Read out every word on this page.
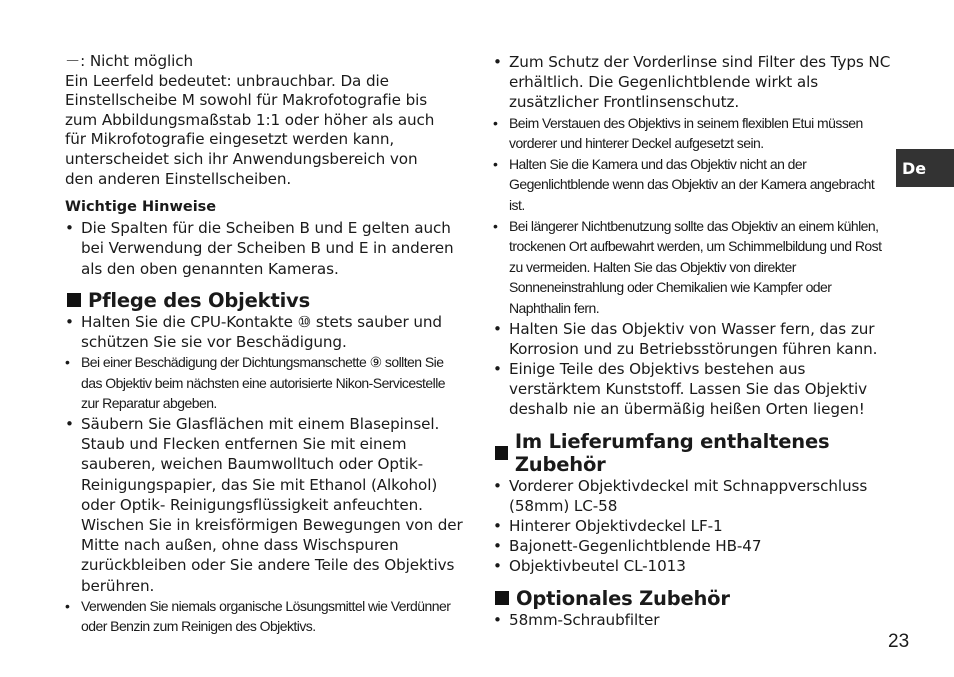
－: Nicht möglich

Ein Leerfeld bedeutet: unbrauchbar. Da die

Einstellscheibe M sowohl für Makrofotografie bis

zum Abbildungsmaßstab 1:1 oder höher als auch

für Mikrofotografie eingesetzt werden kann,

unterscheidet sich ihr Anwendungsbereich von

den anderen Einstellscheiben.

Wichtige Hinweise
• Die Spalten für die Scheiben B und E gelten auch bei Verwendung der Scheiben B und E in anderen als den oben genannten Kameras.
Pflege des Objektivs
• Halten Sie die CPU-Kontakte ⑩ stets sauber und schützen Sie sie vor Beschädigung.
• Bei einer Beschädigung der Dichtungsmanschette ⑨ sollten Sie das Objektiv beim nächsten eine autorisierte Nikon-Servicestelle zur Reparatur abgeben.
• Säubern Sie Glasflächen mit einem Blasepinsel. Staub und Flecken entfernen Sie mit einem sauberen, weichen Baumwolltuch oder Optik-Reinigungspapier, das Sie mit Ethanol (Alkohol) oder Optik- Reinigungsflüssigkeit anfeuchten. Wischen Sie in kreisförmigen Bewegungen von der Mitte nach außen, ohne dass Wischspuren zurückbleiben oder Sie andere Teile des Objektivs berühren.
• Verwenden Sie niemals organische Lösungsmittel wie Verdünner oder Benzin zum Reinigen des Objektivs.
• Zum Schutz der Vorderlinse sind Filter des Typs NC erhältlich. Die Gegenlichtblende wirkt als zusätzlicher Frontlinsenschutz.
• Beim Verstauen des Objektivs in seinem flexiblen Etui müssen vorderer und hinterer Deckel aufgesetzt sein.
• Halten Sie die Kamera und das Objektiv nicht an der Gegenlichtblende wenn das Objektiv an der Kamera angebracht ist.
• Bei längerer Nichtbenutzung sollte das Objektiv an einem kühlen, trockenen Ort aufbewahrt werden, um Schimmelbildung und Rost zu vermeiden. Halten Sie das Objektiv von direkter Sonneneinstrahlung oder Chemikalien wie Kampfer oder Naphthalin fern.
• Halten Sie das Objektiv von Wasser fern, das zur Korrosion und zu Betriebsstörungen führen kann.
• Einige Teile des Objektivs bestehen aus verstärktem Kunststoff. Lassen Sie das Objektiv deshalb nie an übermäßig heißen Orten liegen!
Im Lieferumfang enthaltenes Zubehör
• Vorderer Objektivdeckel mit Schnappverschluss (58mm) LC-58
• Hinterer Objektivdeckel LF-1
• Bajonett-Gegenlichtblende HB-47
• Objektivbeutel CL-1013
Optionales Zubehör
• 58mm-Schraubfilter
De
23
